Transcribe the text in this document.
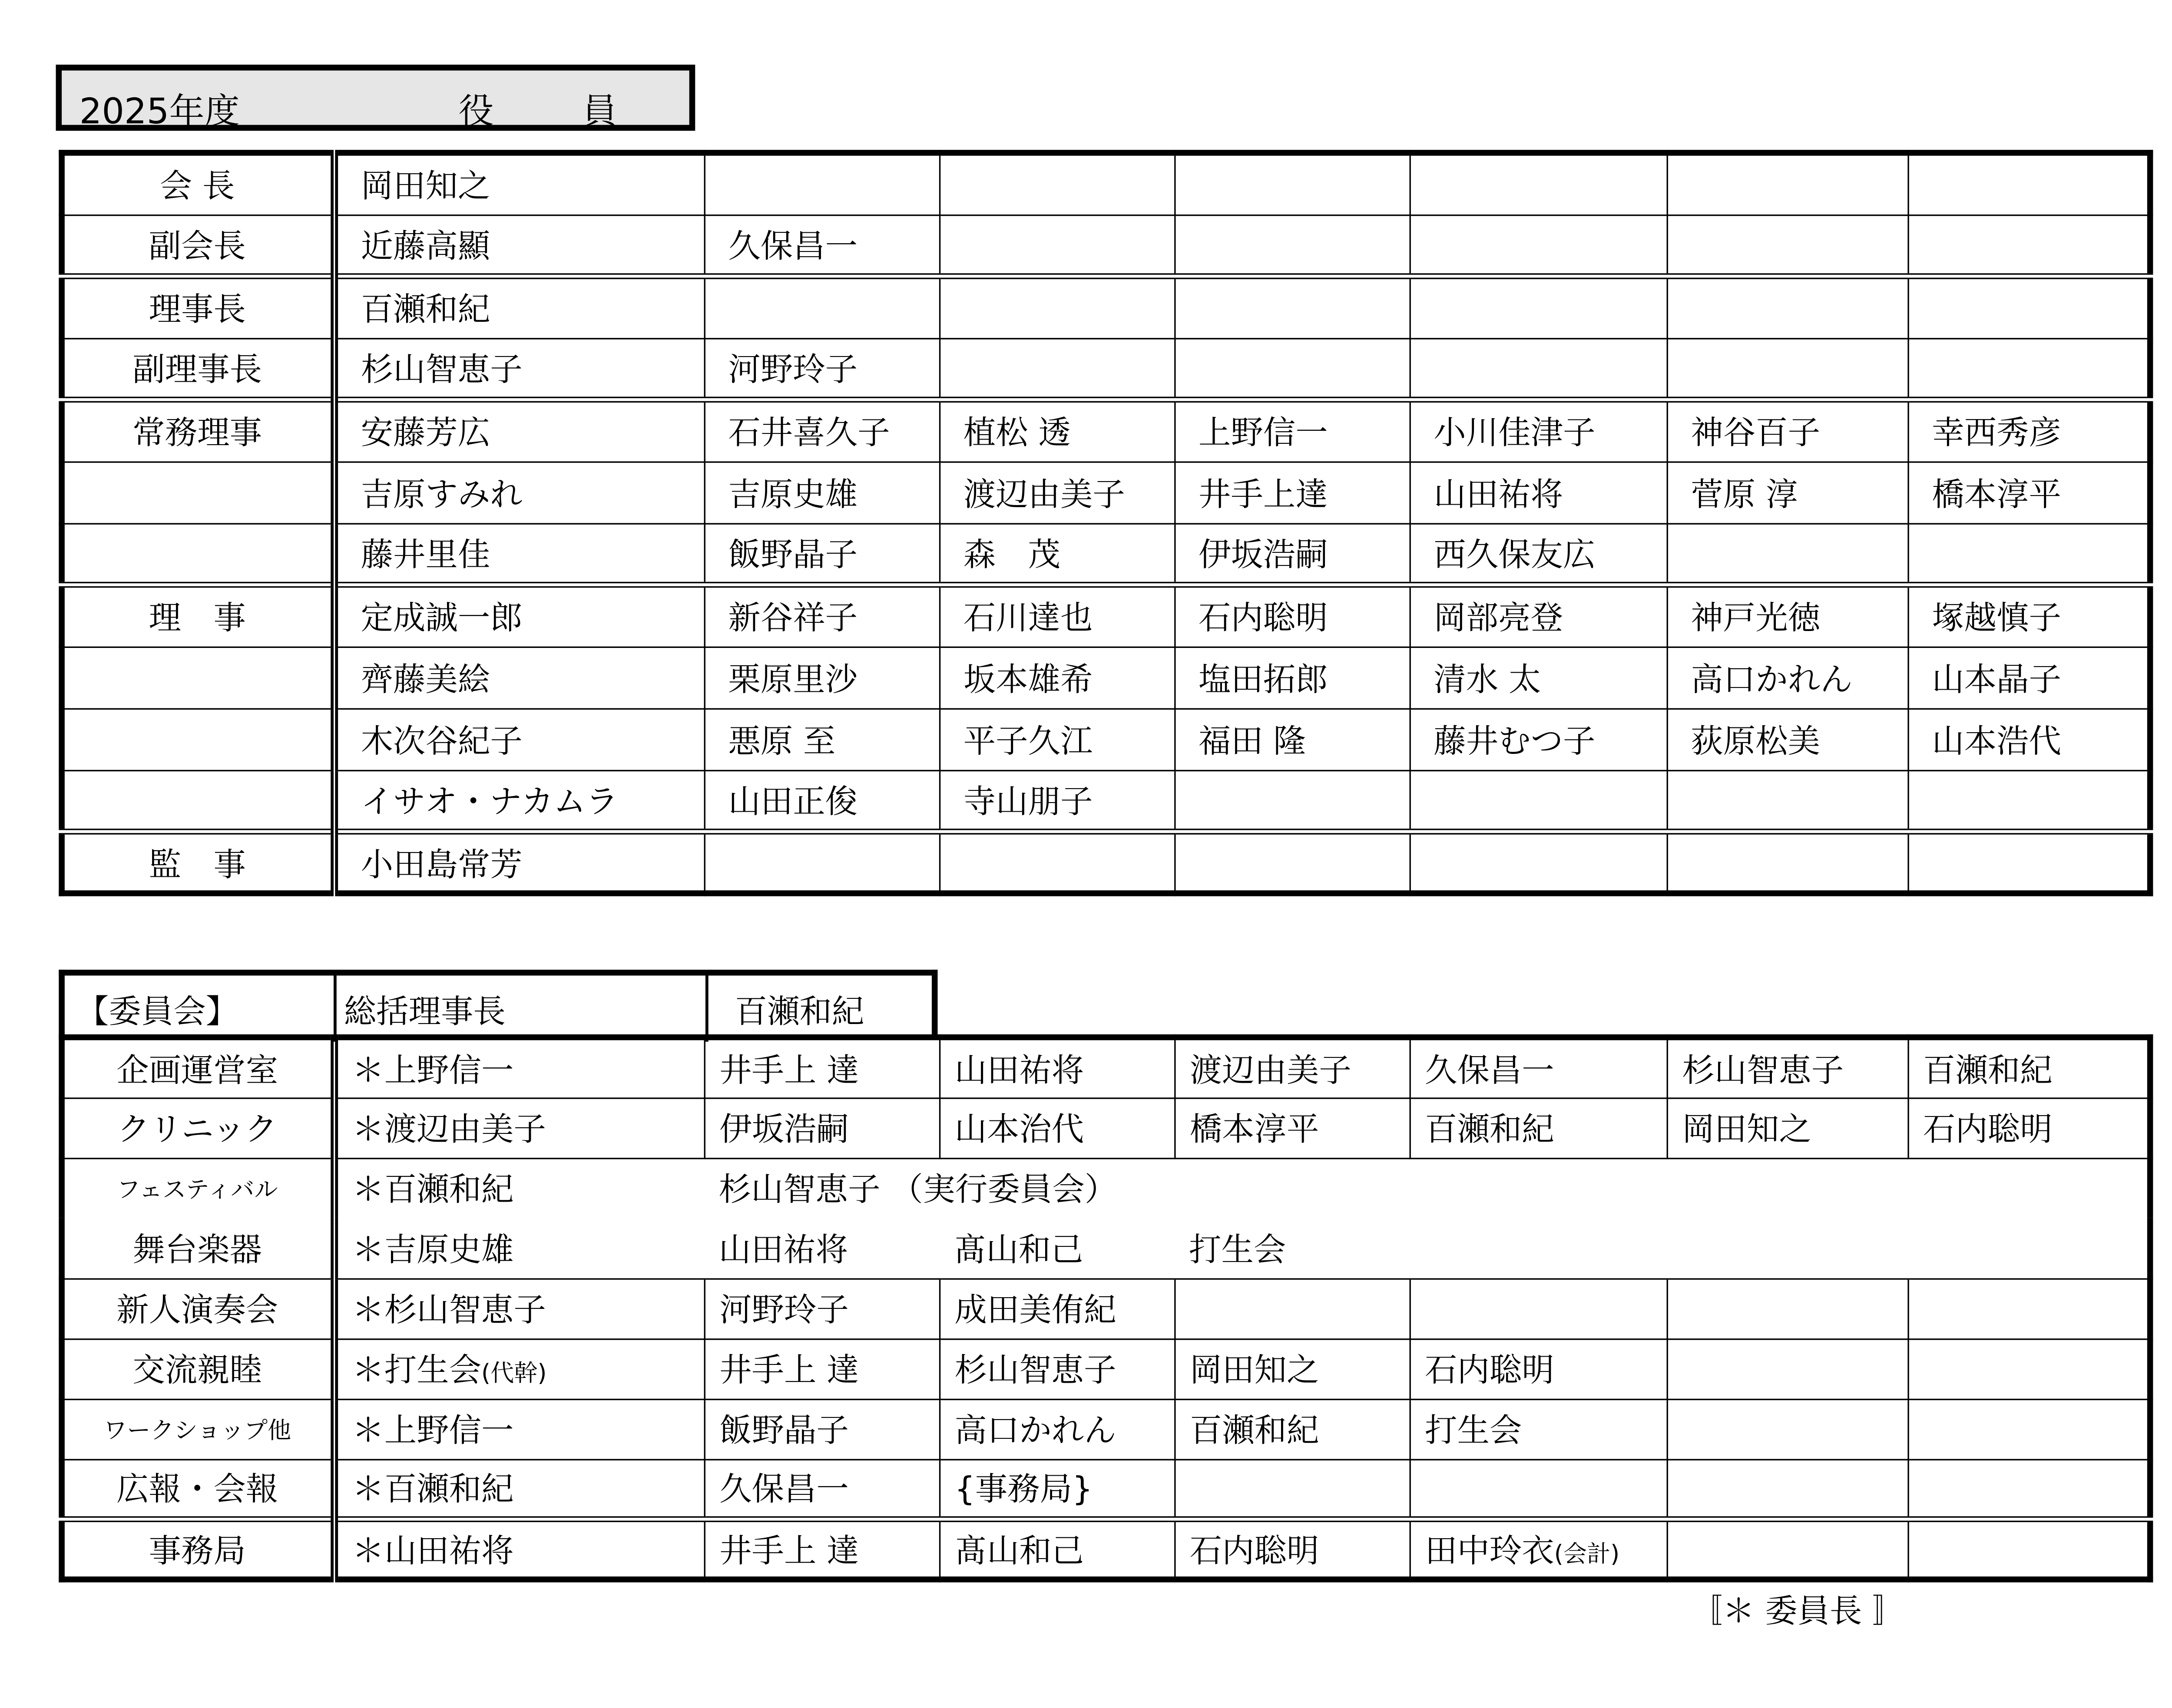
2025年度	役　員
会 長	岡田知之						
副会長	近藤高顯	久保昌一					
理事長	百瀬和紀						
副理事長	杉山智恵子	河野玲子					
常務理事	安藤芳広	石井喜久子	植松 透	上野信一	小川佳津子	神谷百子	幸西秀彦
	吉原すみれ	吉原史雄	渡辺由美子	井手上達	山田祐将	菅原 淳	橋本淳平
	藤井里佳	飯野晶子	森　茂	伊坂浩嗣	西久保友広		
理　事	定成誠一郎	新谷祥子	石川達也	石内聡明	岡部亮登	神戸光徳	塚越慎子
	齊藤美絵	栗原里沙	坂本雄希	塩田拓郎	清水 太	高口かれん	山本晶子
	木次谷紀子	悪原 至	平子久江	福田 隆	藤井むつ子	荻原松美	山本浩代
	イサオ・ナカムラ	山田正俊	寺山朋子				
監　事	小田島常芳						
【委員会】	総括理事長	百瀬和紀
企画運営室	＊上野信一	井手上 達	山田祐将	渡辺由美子	久保昌一	杉山智恵子	百瀬和紀
クリニック	＊渡辺由美子	伊坂浩嗣	山本治代	橋本淳平	百瀬和紀	岡田知之	石内聡明
フェスティバル	＊百瀬和紀	杉山智恵子 （実行委員会）					
舞台楽器	＊吉原史雄	山田祐将	髙山和己	打生会			
新人演奏会	＊杉山智恵子	河野玲子	成田美侑紀				
交流親睦	＊打生会(代幹)	井手上 達	杉山智恵子	岡田知之	石内聡明		
ワークショップ他	＊上野信一	飯野晶子	高口かれん	百瀬和紀	打生会		
広報・会報	＊百瀬和紀	久保昌一	{事務局}				
事務局	＊山田祐将	井手上 達	髙山和己	石内聡明	田中玲衣(会計)		
〚＊ 委員長 〛
